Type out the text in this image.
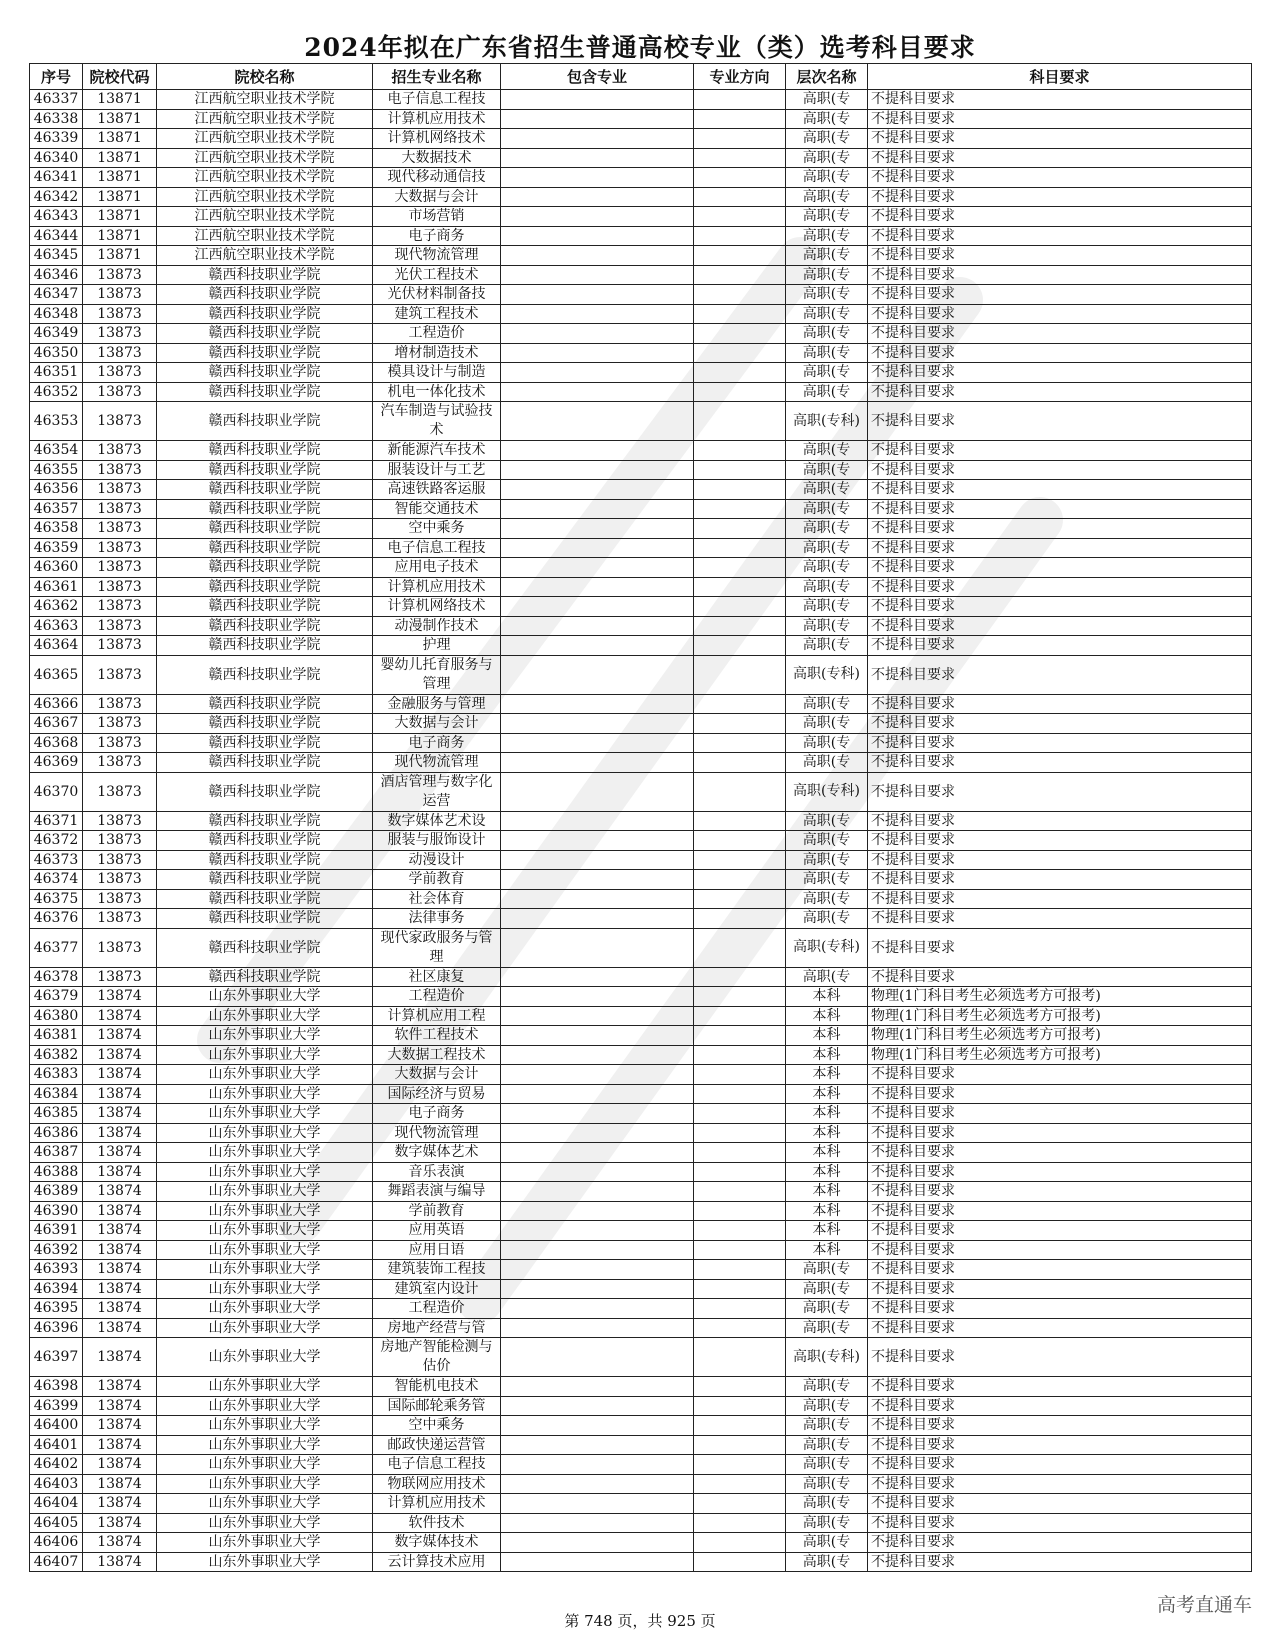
2024年拟在广东省招生普通高校专业（类）选考科目要求
序号	院校代码	院校名称	招生专业名称	包含专业	专业方向	层次名称	科目要求
46337	13871	江西航空职业技术学院	电子信息工程技			高职(专	不提科目要求
46338	13871	江西航空职业技术学院	计算机应用技术			高职(专	不提科目要求
46339	13871	江西航空职业技术学院	计算机网络技术			高职(专	不提科目要求
46340	13871	江西航空职业技术学院	大数据技术			高职(专	不提科目要求
46341	13871	江西航空职业技术学院	现代移动通信技			高职(专	不提科目要求
46342	13871	江西航空职业技术学院	大数据与会计			高职(专	不提科目要求
46343	13871	江西航空职业技术学院	市场营销			高职(专	不提科目要求
46344	13871	江西航空职业技术学院	电子商务			高职(专	不提科目要求
46345	13871	江西航空职业技术学院	现代物流管理			高职(专	不提科目要求
46346	13873	赣西科技职业学院	光伏工程技术			高职(专	不提科目要求
46347	13873	赣西科技职业学院	光伏材料制备技			高职(专	不提科目要求
46348	13873	赣西科技职业学院	建筑工程技术			高职(专	不提科目要求
46349	13873	赣西科技职业学院	工程造价			高职(专	不提科目要求
46350	13873	赣西科技职业学院	增材制造技术			高职(专	不提科目要求
46351	13873	赣西科技职业学院	模具设计与制造			高职(专	不提科目要求
46352	13873	赣西科技职业学院	机电一体化技术			高职(专	不提科目要求
46353	13873	赣西科技职业学院	汽车制造与试验技术			高职(专科)	不提科目要求
46354	13873	赣西科技职业学院	新能源汽车技术			高职(专	不提科目要求
46355	13873	赣西科技职业学院	服装设计与工艺			高职(专	不提科目要求
46356	13873	赣西科技职业学院	高速铁路客运服			高职(专	不提科目要求
46357	13873	赣西科技职业学院	智能交通技术			高职(专	不提科目要求
46358	13873	赣西科技职业学院	空中乘务			高职(专	不提科目要求
46359	13873	赣西科技职业学院	电子信息工程技			高职(专	不提科目要求
46360	13873	赣西科技职业学院	应用电子技术			高职(专	不提科目要求
46361	13873	赣西科技职业学院	计算机应用技术			高职(专	不提科目要求
46362	13873	赣西科技职业学院	计算机网络技术			高职(专	不提科目要求
46363	13873	赣西科技职业学院	动漫制作技术			高职(专	不提科目要求
46364	13873	赣西科技职业学院	护理			高职(专	不提科目要求
46365	13873	赣西科技职业学院	婴幼儿托育服务与管理			高职(专科)	不提科目要求
46366	13873	赣西科技职业学院	金融服务与管理			高职(专	不提科目要求
46367	13873	赣西科技职业学院	大数据与会计			高职(专	不提科目要求
46368	13873	赣西科技职业学院	电子商务			高职(专	不提科目要求
46369	13873	赣西科技职业学院	现代物流管理			高职(专	不提科目要求
46370	13873	赣西科技职业学院	酒店管理与数字化运营			高职(专科)	不提科目要求
46371	13873	赣西科技职业学院	数字媒体艺术设			高职(专	不提科目要求
46372	13873	赣西科技职业学院	服装与服饰设计			高职(专	不提科目要求
46373	13873	赣西科技职业学院	动漫设计			高职(专	不提科目要求
46374	13873	赣西科技职业学院	学前教育			高职(专	不提科目要求
46375	13873	赣西科技职业学院	社会体育			高职(专	不提科目要求
46376	13873	赣西科技职业学院	法律事务			高职(专	不提科目要求
46377	13873	赣西科技职业学院	现代家政服务与管理			高职(专科)	不提科目要求
46378	13873	赣西科技职业学院	社区康复			高职(专	不提科目要求
46379	13874	山东外事职业大学	工程造价			本科	物理(1门科目考生必须选考方可报考)
46380	13874	山东外事职业大学	计算机应用工程			本科	物理(1门科目考生必须选考方可报考)
46381	13874	山东外事职业大学	软件工程技术			本科	物理(1门科目考生必须选考方可报考)
46382	13874	山东外事职业大学	大数据工程技术			本科	物理(1门科目考生必须选考方可报考)
46383	13874	山东外事职业大学	大数据与会计			本科	不提科目要求
46384	13874	山东外事职业大学	国际经济与贸易			本科	不提科目要求
46385	13874	山东外事职业大学	电子商务			本科	不提科目要求
46386	13874	山东外事职业大学	现代物流管理			本科	不提科目要求
46387	13874	山东外事职业大学	数字媒体艺术			本科	不提科目要求
46388	13874	山东外事职业大学	音乐表演			本科	不提科目要求
46389	13874	山东外事职业大学	舞蹈表演与编导			本科	不提科目要求
46390	13874	山东外事职业大学	学前教育			本科	不提科目要求
46391	13874	山东外事职业大学	应用英语			本科	不提科目要求
46392	13874	山东外事职业大学	应用日语			本科	不提科目要求
46393	13874	山东外事职业大学	建筑装饰工程技			高职(专	不提科目要求
46394	13874	山东外事职业大学	建筑室内设计			高职(专	不提科目要求
46395	13874	山东外事职业大学	工程造价			高职(专	不提科目要求
46396	13874	山东外事职业大学	房地产经营与管			高职(专	不提科目要求
46397	13874	山东外事职业大学	房地产智能检测与估价			高职(专科)	不提科目要求
46398	13874	山东外事职业大学	智能机电技术			高职(专	不提科目要求
46399	13874	山东外事职业大学	国际邮轮乘务管			高职(专	不提科目要求
46400	13874	山东外事职业大学	空中乘务			高职(专	不提科目要求
46401	13874	山东外事职业大学	邮政快递运营管			高职(专	不提科目要求
46402	13874	山东外事职业大学	电子信息工程技			高职(专	不提科目要求
46403	13874	山东外事职业大学	物联网应用技术			高职(专	不提科目要求
46404	13874	山东外事职业大学	计算机应用技术			高职(专	不提科目要求
46405	13874	山东外事职业大学	软件技术			高职(专	不提科目要求
46406	13874	山东外事职业大学	数字媒体技术			高职(专	不提科目要求
46407	13874	山东外事职业大学	云计算技术应用			高职(专	不提科目要求
第 748 页，共 925 页
高考直通车
